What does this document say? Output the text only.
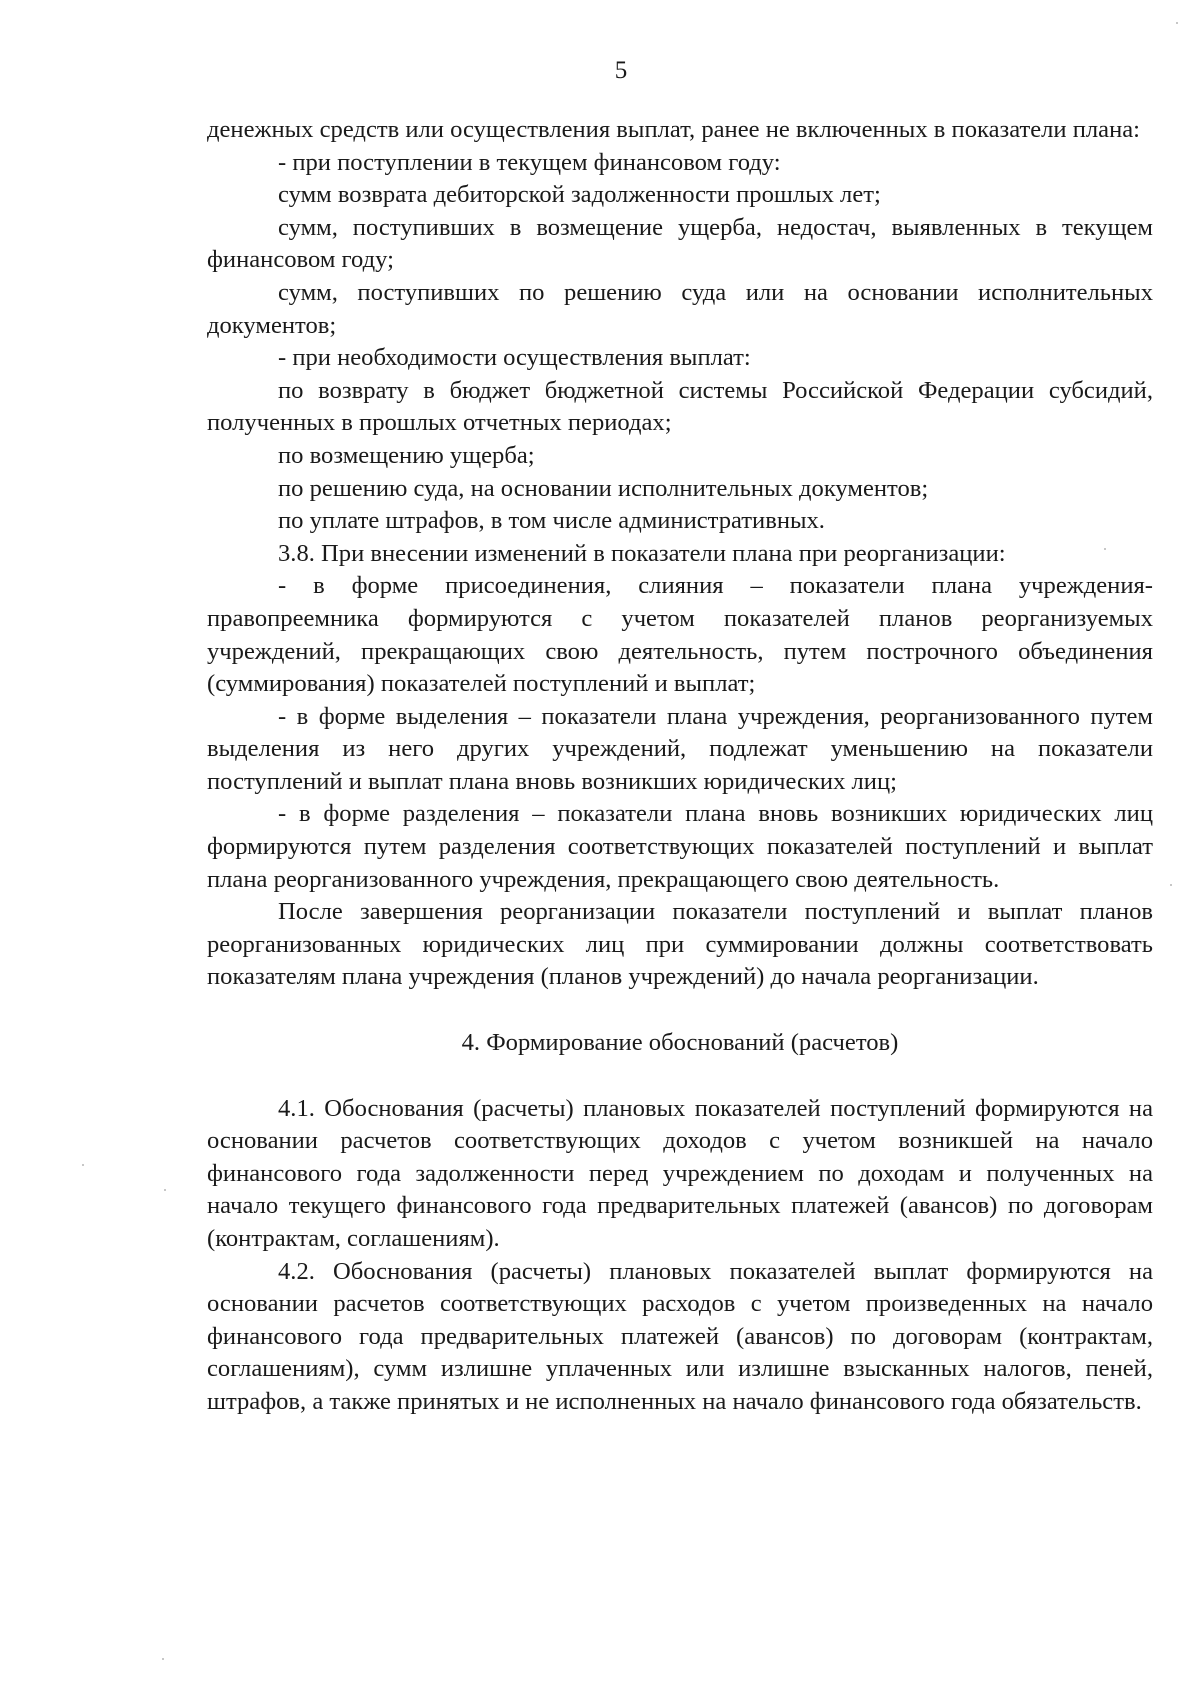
5

денежных средств или осуществления выплат, ранее не включенных в показатели плана:

- при поступлении в текущем финансовом году:

сумм возврата дебиторской задолженности прошлых лет;

сумм, поступивших в возмещение ущерба, недостач, выявленных в текущем финансовом году;

сумм, поступивших по решению суда или на основании исполнительных документов;

- при необходимости осуществления выплат:

по возврату в бюджет бюджетной системы Российской Федерации субсидий, полученных в прошлых отчетных периодах;

по возмещению ущерба;

по решению суда, на основании исполнительных документов;

по уплате штрафов, в том числе административных.

3.8. При внесении изменений в показатели плана при реорганизации:

- в форме присоединения, слияния – показатели плана учреждения-правопреемника формируются с учетом показателей планов реорганизуемых учреждений, прекращающих свою деятельность, путем построчного объединения (суммирования) показателей поступлений и выплат;

- в форме выделения – показатели плана учреждения, реорганизованного путем выделения из него других учреждений, подлежат уменьшению на показатели поступлений и выплат плана вновь возникших юридических лиц;

- в форме разделения – показатели плана вновь возникших юридических лиц формируются путем разделения соответствующих показателей поступлений и выплат плана реорганизованного учреждения, прекращающего свою деятельность.

После завершения реорганизации показатели поступлений и выплат планов реорганизованных юридических лиц при суммировании должны соответствовать показателям плана учреждения (планов учреждений) до начала реорганизации.

4. Формирование обоснований (расчетов)

4.1. Обоснования (расчеты) плановых показателей поступлений формируются на основании расчетов соответствующих доходов с учетом возникшей на начало финансового года задолженности перед учреждением по доходам и полученных на начало текущего финансового года предварительных платежей (авансов) по договорам (контрактам, соглашениям).

4.2. Обоснования (расчеты) плановых показателей выплат формируются на основании расчетов соответствующих расходов с учетом произведенных на начало финансового года предварительных платежей (авансов) по договорам (контрактам, соглашениям), сумм излишне уплаченных или излишне взысканных налогов, пеней, штрафов, а также принятых и не исполненных на начало финансового года обязательств.
